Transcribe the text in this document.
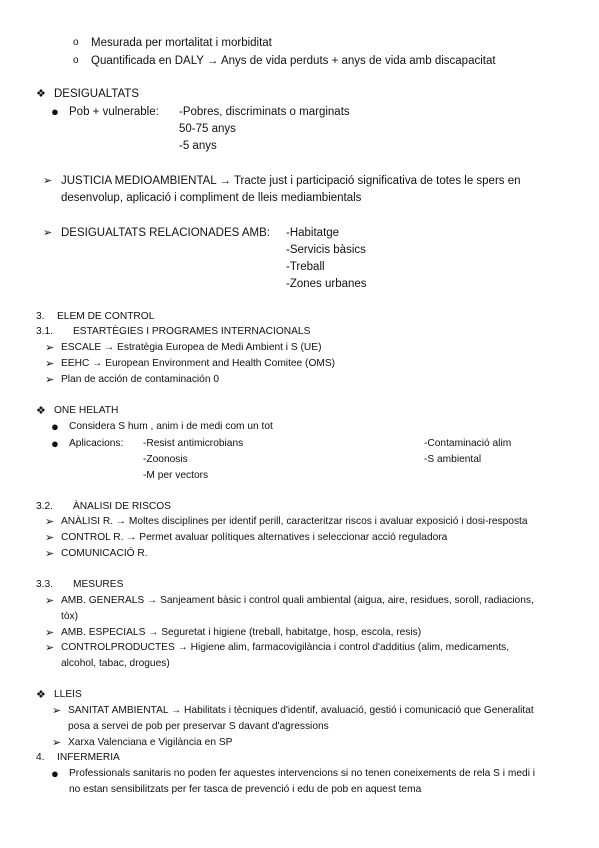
o Mesurada per mortalitat i morbiditat
o Quantificada en DALY → Anys de vida perduts + anys de vida amb discapacitat
❖ DESIGUALTATS
● Pob + vulnerable: -Pobres, discriminats o marginats
50-75 anys
-5 anys
➢ JUSTICIA MEDIOAMBIENTAL → Tracte just i participació significativa de totes le spers en
desenvolup, aplicació i compliment de lleis mediambientals
➢ DESIGUALTATS RELACIONADES AMB: -Habitatge
-Servicis bàsics
-Treball
-Zones urbanes
3. ELEM DE CONTROL
3.1. ESTARTÈGIES I PROGRAMES INTERNACIONALS
➢ ESCALE → Estratègia Europea de Medi Ambient i S (UE)
➢ EEHC → European Environment and Health Comitee (OMS)
➢ Plan de acción de contaminación 0
❖ ONE HELATH
● Considera S hum , anim i de medi com un tot
● Aplicacions: -Resist antimicrobians
-Zoonosis
-M per vectors
-Contaminació alim
-S ambiental
3.2. ÀNALISI DE RISCOS
➢ ANÀLISI R. → Moltes disciplines per identif perill, caracteritzar riscos i avaluar exposició i dosi-resposta
➢ CONTROL R. → Permet avaluar polítiques alternatives i seleccionar acció reguladora
➢ COMUNICACIÓ R.
3.3. MESURES
➢ AMB. GENERALS → Sanjeament bàsic i control quali ambiental (aigua, aire, residues, soroll, radiacions,
tòx)
➢ AMB. ESPECIALS → Seguretat i higiene (treball, habitatge, hosp, escola, resis)
➢ CONTROLPRODUCTES → Higiene alim, farmacovigilància i control d'additius (alim, medicaments,
alcohol, tabac, drogues)
❖ LLEIS
➢ SANITAT AMBIENTAL → Habilitats i tècniques d'identif, avaluació, gestió i comunicació que Generalitat
posa a servei de pob per preservar S davant d'agressions
➢ Xarxa Valenciana e Vigilància en SP
4. INFERMERIA
● Professionals sanitaris no poden fer aquestes intervencions si no tenen coneixements de rela S i medi i
no estan sensibilitzats per fer tasca de prevenció i edu de pob en aquest tema
